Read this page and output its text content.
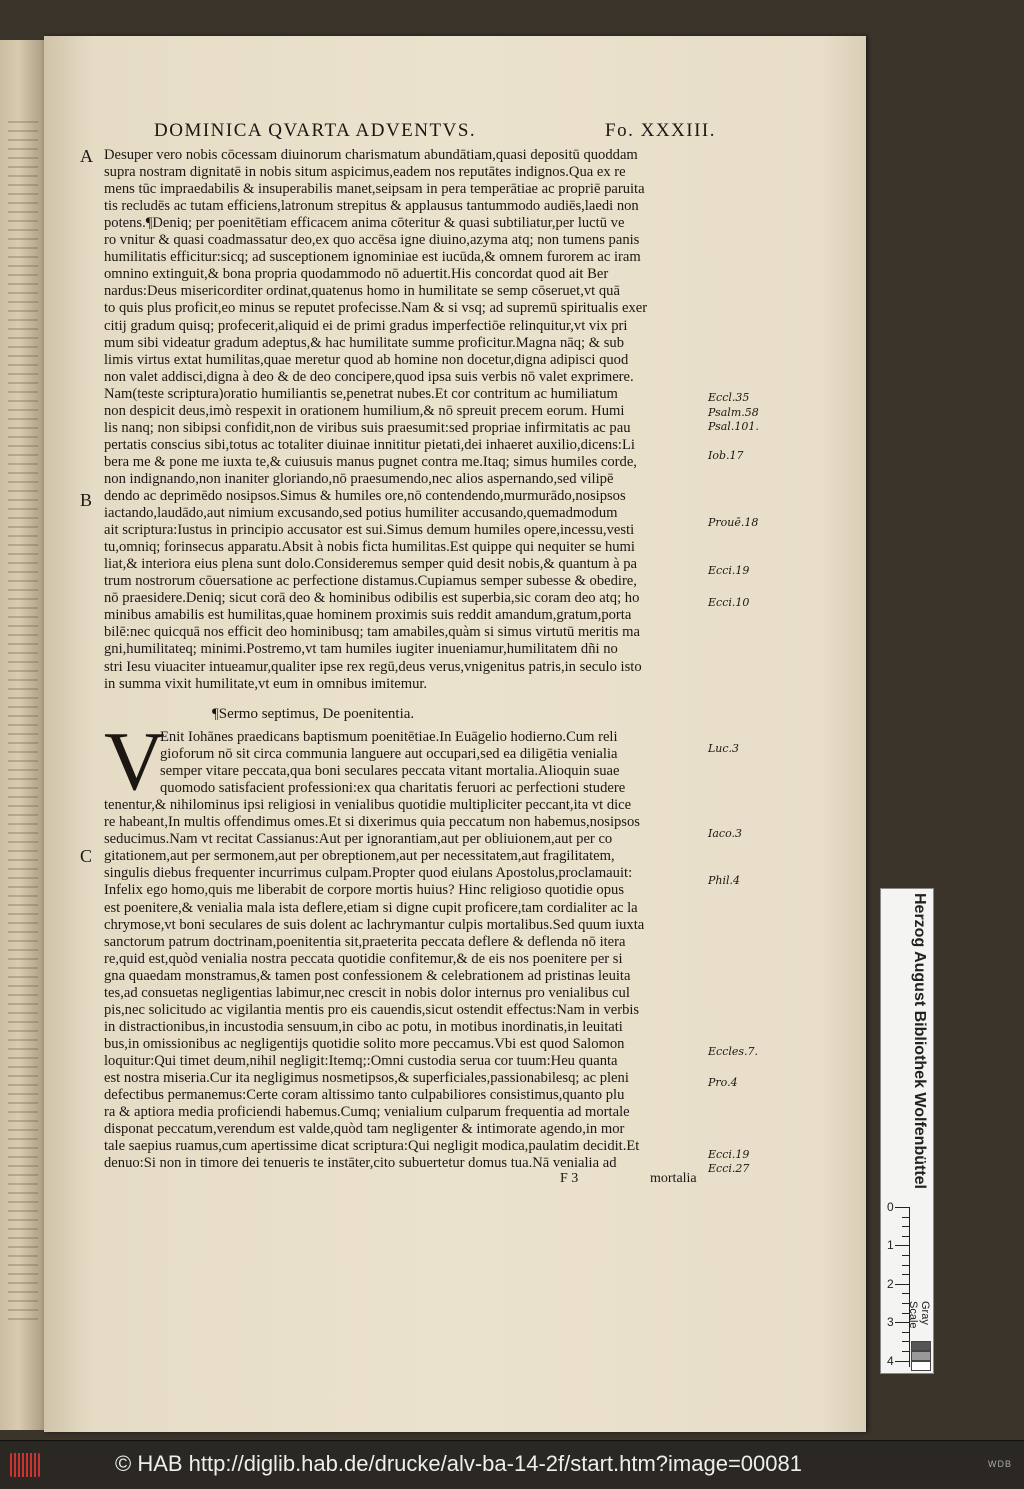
DOMINICA QVARTA ADVENTVS.	Fo. XXXIII.
Desuper vero nobis cōcessam diuinorum charismatum abundātiam,quasi depositū quoddam
supra nostram dignitatē in nobis situm aspicimus,eadem nos reputātes indignos.Qua ex re
mens tūc impraedabilis & insuperabilis manet,seipsam in pera temperātiae ac propriē paruita
tis recludēs ac tutam efficiens,latronum strepitus & applausus tantummodo audiēs,laedi non
potens.¶Deniq; per poenitētiam efficacem anima cōteritur & quasi subtiliatur,per luctū ve
ro vnitur & quasi coadmassatur deo,ex quo accēsa igne diuino,azyma atq; non tumens panis
humilitatis efficitur:sicq; ad susceptionem ignominiae est iucūda,& omnem furorem ac iram
omnino extinguit,& bona propria quodammodo nō aduertit.His concordat quod ait Ber
nardus:Deus misericorditer ordinat,quatenus homo in humilitate se semp cōseruet,vt quā
to quis plus proficit,eo minus se reputet profecisse.Nam & si vsq; ad supremū spiritualis exer
citij gradum quisq; profecerit,aliquid ei de primi gradus imperfectiōe relinquitur,vt vix pri
mum sibi videatur gradum adeptus,& hac humilitate summe proficitur.Magna nāq; & sub
limis virtus extat humilitas,quae meretur quod ab homine non docetur,digna adipisci quod
non valet addisci,digna à deo & de deo concipere,quod ipsa suis verbis nō valet exprimere.
Nam(teste scriptura)oratio humiliantis se,penetrat nubes.Et cor contritum ac humiliatum
non despicit deus,imò respexit in orationem humilium,& nō spreuit precem eorum. Humi
lis nanq; non sibipsi confidit,non de viribus suis praesumit:sed propriae infirmitatis ac pau
pertatis conscius sibi,totus ac totaliter diuinae innititur pietati,dei inhaeret auxilio,dicens:Li
bera me & pone me iuxta te,& cuiusuis manus pugnet contra me.Itaq; simus humiles corde,
non indignando,non inaniter gloriando,nō praesumendo,nec alios aspernando,sed vilipē
dendo ac deprimēdo nosipsos.Simus & humiles ore,nō contendendo,murmurādo,nosipsos
iactando,laudādo,aut nimium excusando,sed potius humiliter accusando,quemadmodum
ait scriptura:Iustus in principio accusator est sui.Simus demum humiles opere,incessu,vesti
tu,omniq; forinsecus apparatu.Absit à nobis ficta humilitas.Est quippe qui nequiter se humi
liat,& interiora eius plena sunt dolo.Consideremus semper quid desit nobis,& quantum à pa
trum nostrorum cōuersatione ac perfectione distamus.Cupiamus semper subesse & obedire,
nō praesidere.Deniq; sicut corā deo & hominibus odibilis est superbia,sic coram deo atq; ho
minibus amabilis est humilitas,quae hominem proximis suis reddit amandum,gratum,porta
bilē:nec quicquā nos efficit deo hominibusq; tam amabiles,quàm si simus virtutū meritis ma
gni,humilitateq; minimi.Postremo,vt tam humiles iugiter inueniamur,humilitatem dñi no
stri Iesu viuaciter intueamur,qualiter ipse rex regū,deus verus,vnigenitus patris,in seculo isto
in summa vixit humilitate,vt eum in omnibus imitemur.
Enit Iohānes praedicans baptismum poenitētiae.In Euāgelio hodierno.Cum reli
gioforum nō sit circa communia languere aut occupari,sed ea diligētia venialia
semper vitare peccata,qua boni seculares peccata vitant mortalia.Alioquin suae
quomodo satisfacient professioni:ex qua charitatis feruori ac perfectioni studere
tenentur,& nihilominus ipsi religiosi in venialibus quotidie multipliciter peccant,ita vt dice
re habeant,In multis offendimus omes.Et si dixerimus quia peccatum non habemus,nosipsos
seducimus.Nam vt recitat Cassianus:Aut per ignorantiam,aut per obliuionem,aut per co
gitationem,aut per sermonem,aut per obreptionem,aut per necessitatem,aut fragilitatem,
singulis diebus frequenter incurrimus culpam.Propter quod eiulans Apostolus,proclamauit:
Infelix ego homo,quis me liberabit de corpore mortis huius? Hinc religioso quotidie opus
est poenitere,& venialia mala ista deflere,etiam si digne cupit proficere,tam cordialiter ac la
chrymose,vt boni seculares de suis dolent ac lachrymantur culpis mortalibus.Sed quum iuxta
sanctorum patrum doctrinam,poenitentia sit,praeterita peccata deflere & deflenda nō itera
re,quid est,quòd venialia nostra peccata quotidie confitemur,& de eis nos poenitere per si
gna quaedam monstramus,& tamen post confessionem & celebrationem ad pristinas leuita
tes,ad consuetas negligentias labimur,nec crescit in nobis dolor internus pro venialibus cul
pis,nec solicitudo ac vigilantia mentis pro eis cauendis,sicut ostendit effectus:Nam in verbis
in distractionibus,in incustodia sensuum,in cibo ac potu, in motibus inordinatis,in leuitati
bus,in omissionibus ac negligentijs quotidie solito more peccamus.Vbi est quod Salomon
loquitur:Qui timet deum,nihil negligit:Itemq;:Omni custodia serua cor tuum:Heu quanta
est nostra miseria.Cur ita negligimus nosmetipsos,& superficiales,passionabilesq; ac pleni
defectibus permanemus:Certe coram altissimo tanto culpabiliores consistimus,quanto plu
ra & aptiora media proficiendi habemus.Cumq; venialium culparum frequentia ad mortale
disponat peccatum,verendum est valde,quòd tam negligenter & intimorate agendo,in mor
tale saepius ruamus,cum apertissime dicat scriptura:Qui negligit modica,paulatim decidit.Et
denuo:Si non in timore dei tenueris te instāter,cito subuertetur domus tua.Nā venialia ad
A
B
C
Eccl.35
Psalm.58
Psal.101.
Iob.17
Prouē.18
Ecci.19
Ecci.10
Luc.3
Iaco.3
Phil.4
Eccles.7.
Pro.4
Ecci.19
Ecci.27
¶Sermo septimus, De poenitentia.
V
F 3	mortalia	Herzog August Bibliothek Wolfenbüttel
0
1
2
3
4
Gray Scale
© HAB http://diglib.hab.de/drucke/alv-ba-14-2f/start.htm?image=00081	WDB
